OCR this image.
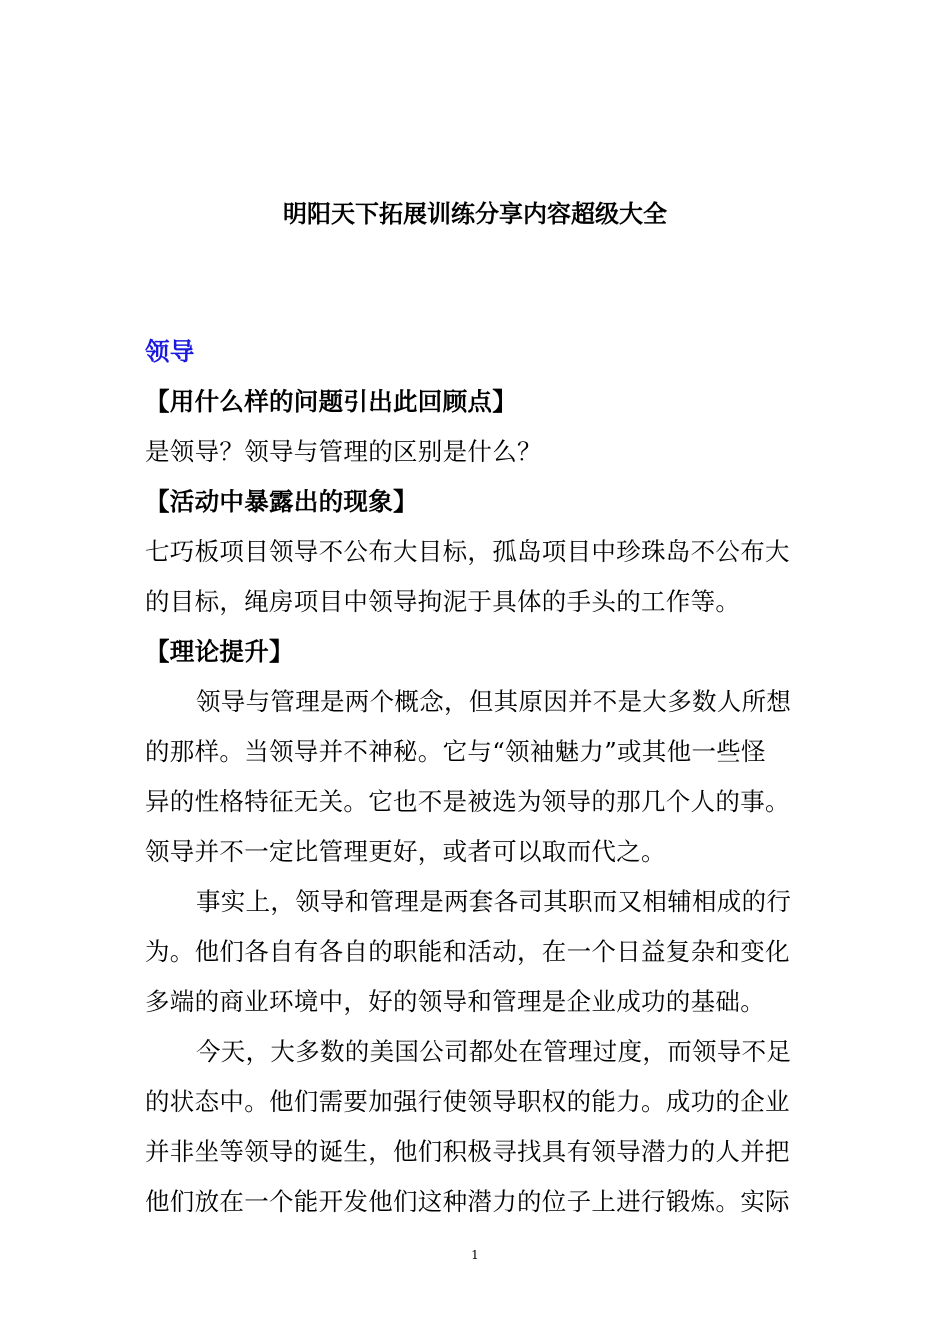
明阳天下拓展训练分享内容超级大全
领导
【用什么样的问题引出此回顾点】
是领导？领导与管理的区别是什么？
【活动中暴露出的现象】
七巧板项目领导不公布大目标，孤岛项目中珍珠岛不公布大
的目标，绳房项目中领导拘泥于具体的手头的工作等。
【理论提升】
领导与管理是两个概念，但其原因并不是大多数人所想
的那样。当领导并不神秘。它与“领袖魅力”或其他一些怪
异的性格特征无关。它也不是被选为领导的那几个人的事。
领导并不一定比管理更好，或者可以取而代之。
事实上，领导和管理是两套各司其职而又相辅相成的行
为。他们各自有各自的职能和活动，在一个日益复杂和变化
多端的商业环境中，好的领导和管理是企业成功的基础。
今天，大多数的美国公司都处在管理过度，而领导不足
的状态中。他们需要加强行使领导职权的能力。成功的企业
并非坐等领导的诞生，他们积极寻找具有领导潜力的人并把
他们放在一个能开发他们这种潜力的位子上进行锻炼。实际
1
